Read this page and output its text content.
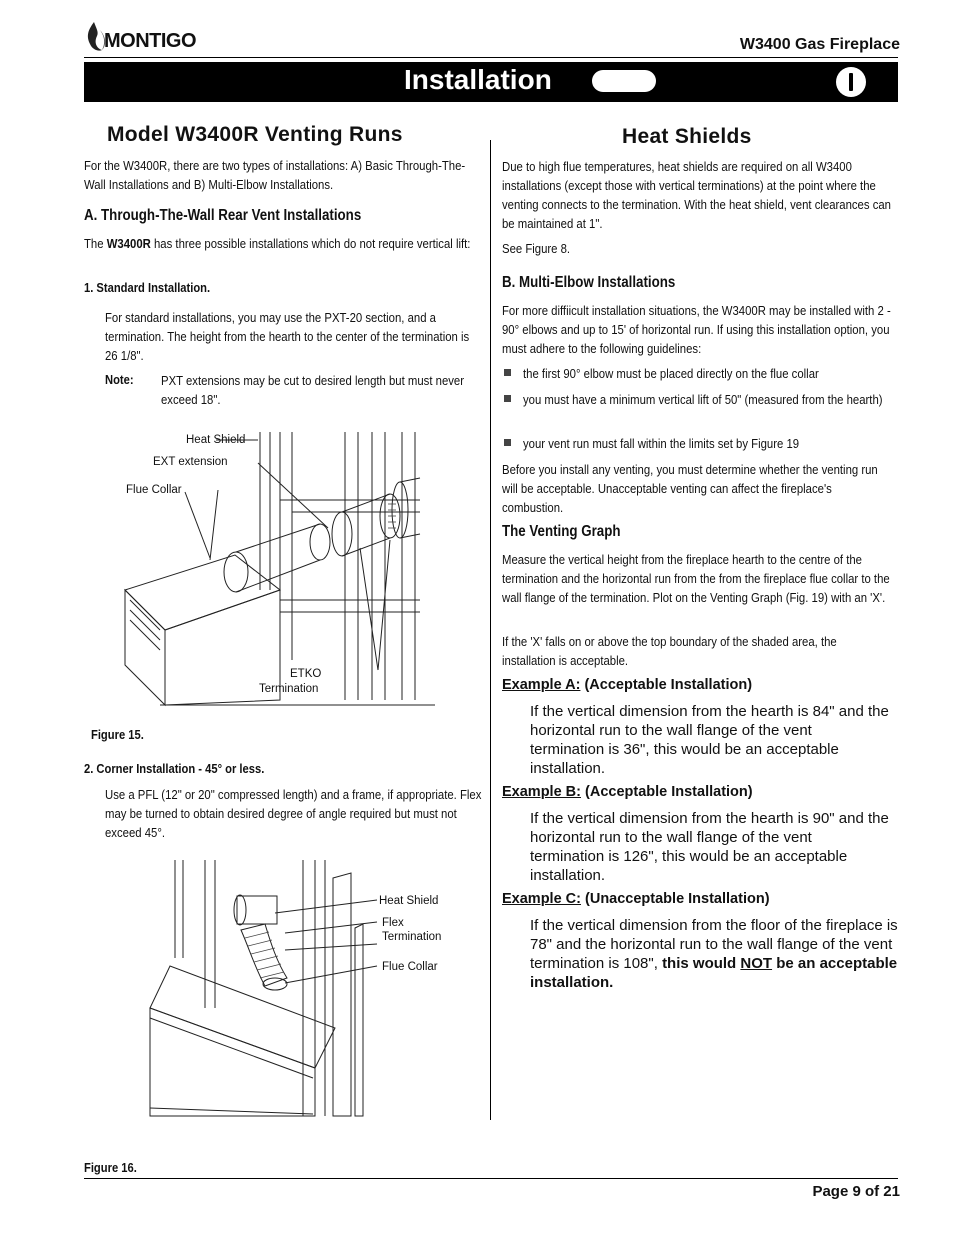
MONTIGO	W3400 Gas Fireplace
Installation
Model W3400R Venting Runs
For the W3400R, there are two types of installations: A) Basic Through-The-Wall Installations and B) Multi-Elbow Installations.
A. Through-The-Wall Rear Vent Installations
The W3400R has three possible installations which do not require vertical lift:
1. Standard Installation.
For standard installations, you may use the PXT-20 section, and a termination. The height from the hearth to the center of the termination is 26 1/8".
Note: PXT extensions may be cut to desired length but must never exceed 18".
Heat Shield
EXT extension
Flue Collar
ETKO
Termination
Figure 15.
2. Corner Installation - 45° or less.
Use a PFL (12" or 20" compressed length) and a frame, if appropriate. Flex may be turned to obtain desired degree of angle required but must not exceed 45°.
Heat Shield
Flex
Termination
Flue Collar
Figure 16.
Heat Shields
Due to high flue temperatures, heat shields are required on all W3400 installations (except those with vertical terminations) at the point where the venting connects to the termination. With the heat shield, vent clearances can be maintained at 1".
See Figure 8.
B. Multi-Elbow Installations
For more diffiicult installation situations, the W3400R may be installed with 2 - 90° elbows and up to 15' of horizontal run. If using this installation option, you must adhere to the following guidelines:
the first 90° elbow must be placed directly on the flue collar
you must have a minimum vertical lift of 50" (measured from the hearth)
your vent run must fall within the limits set by Figure 19
Before you install any venting, you must determine whether the venting run will be acceptable. Unacceptable venting can affect the fireplace's combustion.
The Venting Graph
Measure the vertical height from the fireplace hearth to the centre of the termination and the horizontal run from the from the fireplace flue collar to the wall flange of the termination. Plot on the Venting Graph (Fig. 19) with an 'X'.
If the 'X' falls on or above the top boundary of the shaded area, the installation is acceptable.
Example A: (Acceptable Installation)
If the vertical dimension from the hearth is 84" and the horizontal run to the wall flange of the vent termination is 36", this would be an acceptable installation.
Example B: (Acceptable Installation)
If the vertical dimension from the hearth is 90" and the horizontal run to the wall flange of the vent termination is 126", this would be an acceptable installation.
Example C: (Unacceptable Installation)
If the vertical dimension from the floor of the fireplace is 78" and the horizontal run to the wall flange of the vent termination is 108", this would NOT be an acceptable installation.
Page 9 of 21
